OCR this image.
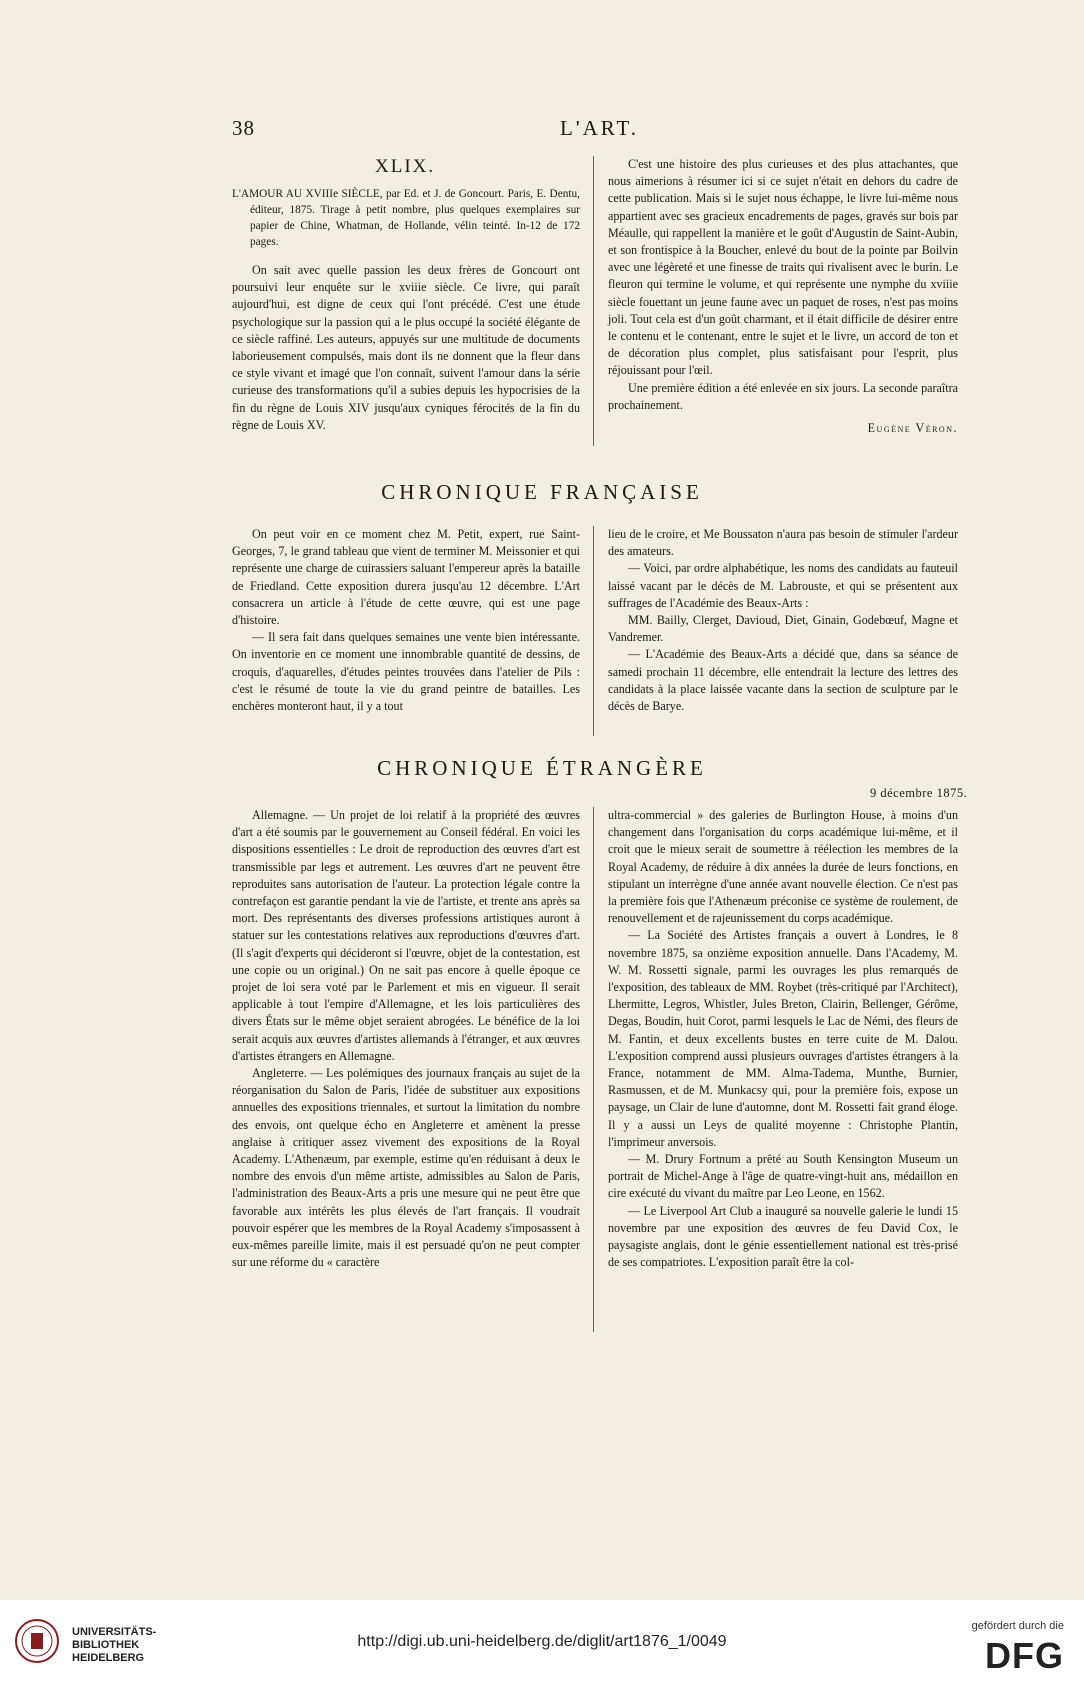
38	L'ART.
XLIX.

L'AMOUR AU XVIIIe SIÈCLE, par Ed. et J. de Goncourt. Paris, E. Dentu, éditeur, 1875. Tirage à petit nombre, plus quelques exemplaires sur papier de Chine, Whatman, de Hollande, vélin teinté. In-12 de 172 pages.

On sait avec quelle passion les deux frères de Goncourt ont poursuivi leur enquête sur le xviiie siècle. Ce livre, qui paraît aujourd'hui, est digne de ceux qui l'ont précédé. C'est une étude psychologique sur la passion qui a le plus occupé la société élégante de ce siècle raffiné. Les auteurs, appuyés sur une multitude de documents laborieusement compulsés, mais dont ils ne donnent que la fleur dans ce style vivant et imagé que l'on connaît, suivent l'amour dans la série curieuse des transformations qu'il a subies depuis les hypocrisies de la fin du règne de Louis XIV jusqu'aux cyniques férocités de la fin du règne de Louis XV.

C'est une histoire des plus curieuses et des plus attachantes, que nous aimerions à résumer ici si ce sujet n'était en dehors du cadre de cette publication. Mais si le sujet nous échappe, le livre lui-même nous appartient avec ses gracieux encadrements de pages, gravés sur bois par Méaulle, qui rappellent la manière et le goût d'Augustin de Saint-Aubin, et son frontispice à la Boucher, enlevé du bout de la pointe par Boilvin avec une légèreté et une finesse de traits qui rivalisent avec le burin. Le fleuron qui termine le volume, et qui représente une nymphe du xviiie siècle fouettant un jeune faune avec un paquet de roses, n'est pas moins joli. Tout cela est d'un goût charmant, et il était difficile de désirer entre le contenu et le contenant, entre le sujet et le livre, un accord de ton et de décoration plus complet, plus satisfaisant pour l'esprit, plus réjouissant pour l'œil.

Une première édition a été enlevée en six jours. La seconde paraîtra prochainement.

Eugène Véron.

CHRONIQUE FRANÇAISE

On peut voir en ce moment chez M. Petit, expert, rue Saint-Georges, 7, le grand tableau que vient de terminer M. Meissonier et qui représente une charge de cuirassiers saluant l'empereur après la bataille de Friedland. Cette exposition durera jusqu'au 12 décembre. L'Art consacrera un article à l'étude de cette œuvre, qui est une page d'histoire.

— Il sera fait dans quelques semaines une vente bien intéressante. On inventorie en ce moment une innombrable quantité de dessins, de croquis, d'aquarelles, d'études peintes trouvées dans l'atelier de Pils : c'est le résumé de toute la vie du grand peintre de batailles. Les enchères monteront haut, il y a tout

lieu de le croire, et Me Boussaton n'aura pas besoin de stimuler l'ardeur des amateurs.

— Voici, par ordre alphabétique, les noms des candidats au fauteuil laissé vacant par le décès de M. Labrouste, et qui se présentent aux suffrages de l'Académie des Beaux-Arts :

MM. Bailly, Clerget, Davioud, Diet, Ginain, Godebœuf, Magne et Vandremer.

— L'Académie des Beaux-Arts a décidé que, dans sa séance de samedi prochain 11 décembre, elle entendrait la lecture des lettres des candidats à la place laissée vacante dans la section de sculpture par le décès de Barye.

CHRONIQUE ÉTRANGÈRE
9 décembre 1875.

Allemagne. — Un projet de loi relatif à la propriété des œuvres d'art a été soumis par le gouvernement au Conseil fédéral. En voici les dispositions essentielles : Le droit de reproduction des œuvres d'art est transmissible par legs et autrement. Les œuvres d'art ne peuvent être reproduites sans autorisation de l'auteur. La protection légale contre la contrefaçon est garantie pendant la vie de l'artiste, et trente ans après sa mort. Des représentants des diverses professions artistiques auront à statuer sur les contestations relatives aux reproductions d'œuvres d'art. (Il s'agit d'experts qui décideront si l'œuvre, objet de la contestation, est une copie ou un original.) On ne sait pas encore à quelle époque ce projet de loi sera voté par le Parlement et mis en vigueur. Il serait applicable à tout l'empire d'Allemagne, et les lois particulières des divers États sur le même objet seraient abrogées. Le bénéfice de la loi serait acquis aux œuvres d'artistes allemands à l'étranger, et aux œuvres d'artistes étrangers en Allemagne.

Angleterre. — Les polémiques des journaux français au sujet de la réorganisation du Salon de Paris, l'idée de substituer aux expositions annuelles des expositions triennales, et surtout la limitation du nombre des envois, ont quelque écho en Angleterre et amènent la presse anglaise à critiquer assez vivement des expositions de la Royal Academy. L'Athenæum, par exemple, estime qu'en réduisant à deux le nombre des envois d'un même artiste, admissibles au Salon de Paris, l'administration des Beaux-Arts a pris une mesure qui ne peut être que favorable aux intérêts les plus élevés de l'art français. Il voudrait pouvoir espérer que les membres de la Royal Academy s'imposassent à eux-mêmes pareille limite, mais il est persuadé qu'on ne peut compter sur une réforme du « caractère

ultra-commercial » des galeries de Burlington House, à moins d'un changement dans l'organisation du corps académique lui-même, et il croit que le mieux serait de soumettre à réélection les membres de la Royal Academy, de réduire à dix années la durée de leurs fonctions, en stipulant un interrègne d'une année avant nouvelle élection. Ce n'est pas la première fois que l'Athenæum préconise ce système de roulement, de renouvellement et de rajeunissement du corps académique.

— La Société des Artistes français a ouvert à Londres, le 8 novembre 1875, sa onzième exposition annuelle. Dans l'Academy, M. W. M. Rossetti signale, parmi les ouvrages les plus remarqués de l'exposition, des tableaux de MM. Roybet (très-critiqué par l'Architect), Lhermitte, Legros, Whistler, Jules Breton, Clairin, Bellenger, Gérôme, Degas, Boudin, huit Corot, parmi lesquels le Lac de Némi, des fleurs de M. Fantin, et deux excellents bustes en terre cuite de M. Dalou. L'exposition comprend aussi plusieurs ouvrages d'artistes étrangers à la France, notamment de MM. Alma-Tadema, Munthe, Burnier, Rasmussen, et de M. Munkacsy qui, pour la première fois, expose un paysage, un Clair de lune d'automne, dont M. Rossetti fait grand éloge. Il y a aussi un Leys de qualité moyenne : Christophe Plantin, l'imprimeur anversois.

— M. Drury Fortnum a prêté au South Kensington Museum un portrait de Michel-Ange à l'âge de quatre-vingt-huit ans, médaillon en cire exécuté du vivant du maître par Leo Leone, en 1562.

— Le Liverpool Art Club a inauguré sa nouvelle galerie le lundi 15 novembre par une exposition des œuvres de feu David Cox, le paysagiste anglais, dont le génie essentiellement national est très-prisé de ses compatriotes. L'exposition paraît être la col-

UNIVERSITÄTS-
BIBLIOTHEK
HEIDELBERG
http://digi.ub.uni-heidelberg.de/diglit/art1876_1/0049
gefördert durch die
DFG
